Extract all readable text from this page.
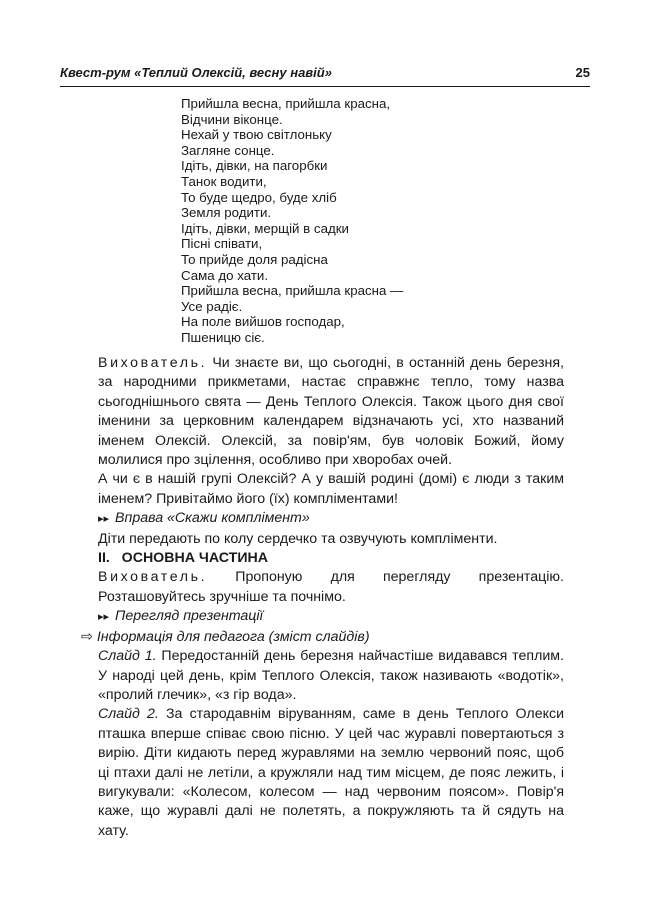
Квест-рум «Теплий Олексій, весну навій»	25
Прийшла весна, прийшла красна,
Відчини віконце.
Нехай у твою світлоньку
Загляне сонце.
Ідіть, дівки, на пагорбки
Танок водити,
То буде щедро, буде хліб
Земля родити.
Ідіть, дівки, мерщій в садки
Пісні співати,
То прийде доля радісна
Сама до хати.
Прийшла весна, прийшла красна —
Усе радіє.
На поле вийшов господар,
Пшеницю сіє.
Вихователь. Чи знаєте ви, що сьогодні, в останній день березня, за народними прикметами, настає справжнє тепло, тому назва сьогоднішнього свята — День Теплого Олексія. Також цього дня свої іменини за церковним календарем відзначають усі, хто названий іменем Олексій. Олексій, за повір'ям, був чоловік Божий, йому молилися про зцілення, особливо при хворобах очей.
А чи є в нашій групі Олексій? А у вашій родині (домі) є люди з таким іменем? Привітаймо його (їх) компліментами!
▸▸ Вправа «Скажи комплімент»
Діти передають по колу сердечко та озвучують компліменти.
ІІ. ОСНОВНА ЧАСТИНА
Вихователь. Пропоную для перегляду презентацію. Розташовуйтесь зручніше та почнімо.
▸▸ Перегляд презентації
⇨ Інформація для педагога (зміст слайдів)
Слайд 1. Передостанній день березня найчастіше видавався теплим. У народі цей день, крім Теплого Олексія, також називають «водотік», «пролий глечик», «з гір вода».
Слайд 2. За стародавнім віруванням, саме в день Теплого Олекси пташка вперше співає свою пісню. У цей час журавлі повертаються з вирію. Діти кидають перед журавлями на землю червоний пояс, щоб ці птахи далі не летіли, а кружляли над тим місцем, де пояс лежить, і вигукували: «Колесом, колесом — над червоним поясом». Повір'я каже, що журавлі далі не полетять, а покружляють та й сядуть на хату.
